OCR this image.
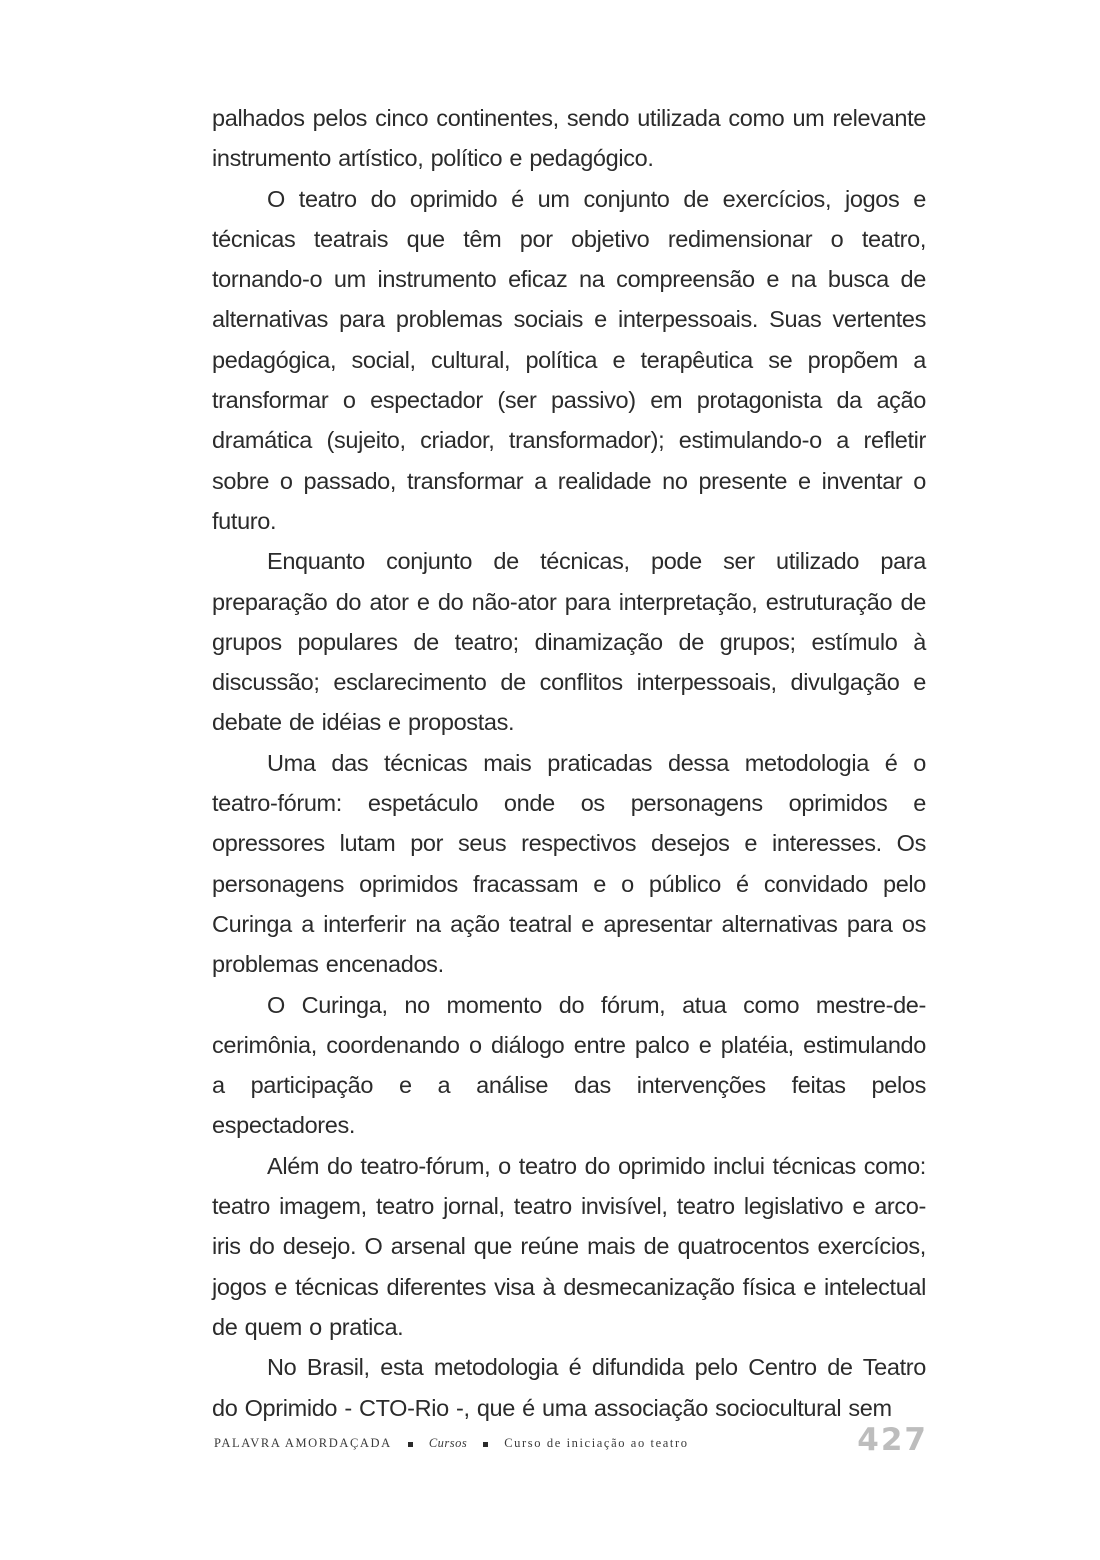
palhados pelos cinco continentes, sendo utilizada como um relevante instrumento artístico, político e pedagógico.

O teatro do oprimido é um conjunto de exercícios, jogos e técnicas teatrais que têm por objetivo redimensionar o teatro, tornando-o um instrumento eficaz na compreensão e na busca de alternativas para problemas sociais e interpessoais. Suas vertentes pedagógica, social, cultural, política e terapêutica se propõem a transformar o espectador (ser passivo) em protagonista da ação dramática (sujeito, criador, transformador); estimulando-o a refletir sobre o passado, transformar a realidade no presente e inventar o futuro.

Enquanto conjunto de técnicas, pode ser utilizado para preparação do ator e do não-ator para interpretação, estruturação de grupos populares de teatro; dinamização de grupos; estímulo à discussão; esclarecimento de conflitos interpessoais, divulgação e debate de idéias e propostas.

Uma das técnicas mais praticadas dessa metodologia é o teatro-fórum: espetáculo onde os personagens oprimidos e opressores lutam por seus respectivos desejos e interesses. Os personagens oprimidos fracassam e o público é convidado pelo Curinga a interferir na ação teatral e apresentar alternativas para os problemas encenados.

O Curinga, no momento do fórum, atua como mestre-de-cerimônia, coordenando o diálogo entre palco e platéia, estimulando a participação e a análise das intervenções feitas pelos espectadores.

Além do teatro-fórum, o teatro do oprimido inclui técnicas como: teatro imagem, teatro jornal, teatro invisível, teatro legislativo e arco-iris do desejo. O arsenal que reúne mais de quatrocentos exercícios, jogos e técnicas diferentes visa à desmecanização física e intelectual de quem o pratica.

No Brasil, esta metodologia é difundida pelo Centro de Teatro do Oprimido - CTO-Rio -, que é uma associação sociocultural sem

PALAVRA AMORDAÇADA	Cursos	Curso de iniciação ao teatro	427
